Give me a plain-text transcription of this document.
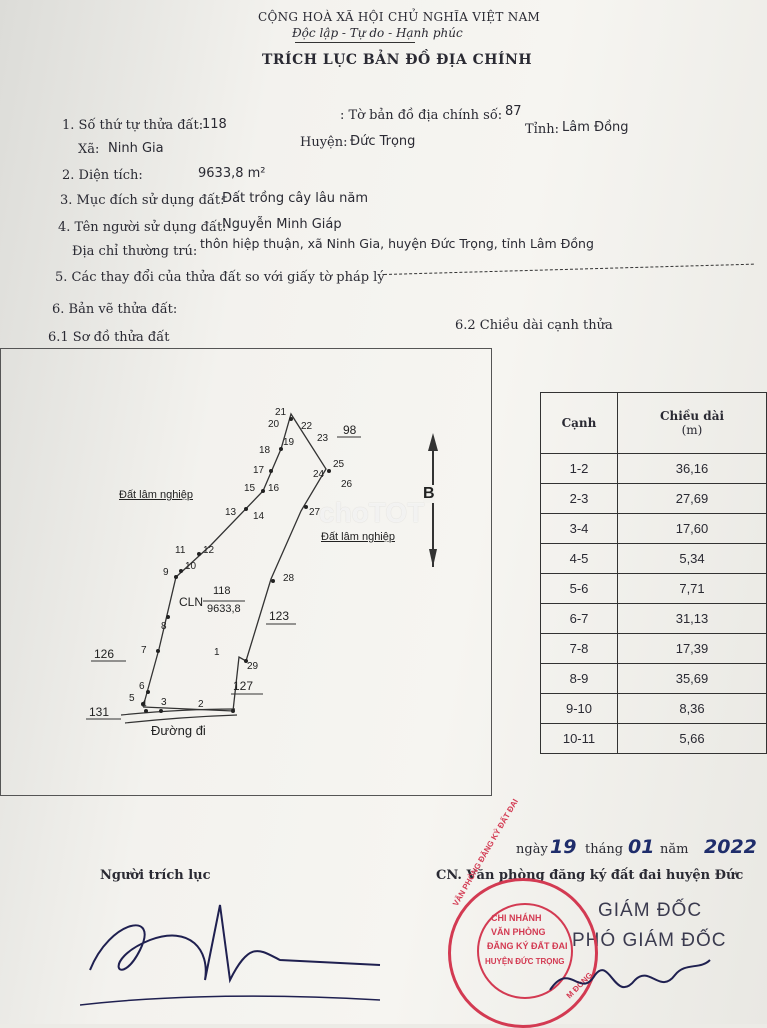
CỘNG HOÀ XÃ HỘI CHỦ NGHĨA VIỆT NAM
Độc lập - Tự do - Hạnh phúc
TRÍCH LỤC BẢN ĐỒ ĐỊA CHÍNH
1. Số thứ tự thửa đất:
118
: Tờ bản đồ địa chính số: 87
Xã: Ninh Gia	Huyện: Đức Trọng
Tỉnh: Lâm Đồng
2. Diện tích:	9633,8 m²
3. Mục đích sử dụng đất:
Đất trồng cây lâu năm
4. Tên người sử dụng đất:
Nguyễn Minh Giáp
Địa chỉ thường trú:
thôn hiệp thuận, xã Ninh Gia, huyện Đức Trọng, tỉnh Lâm Đồng
5. Các thay đổi của thửa đất so với giấy tờ pháp lý
6. Bản vẽ thửa đất:
6.1 Sơ đồ thửa đất
6.2 Chiều dài cạnh thửa
Đất lâm nghiệp
Đất lâm nghiệp
Đường đi
CLN
118
9633,8
98
123
126
127
131
B
choTOT
1
2
3
4
5
6
7
8
9
10
11 12
13 14
15 16
17
18
19
20
21
22
23
24
25
26
27
28
29
Cạnh	Chiều dài
(m)

1-2	36,16
2-3	27,69
3-4	17,60
4-5	5,34
5-6	7,71
6-7	31,13
7-8	17,39
8-9	35,69
9-10	8,36
10-11	5,66
ngày 19 tháng 01 năm 2022
Người trích lục	CN. Văn phòng đăng ký đất đai huyện Đức
GIÁM ĐỐC
PHÓ GIÁM ĐỐC
CHI NHÁNH
VĂN PHÒNG
ĐĂNG KÝ ĐẤT ĐAI
HUYỆN ĐỨC TRỌNG
VĂN PHÒNG ĐĂNG KÝ ĐẤT ĐAI
M ĐỒNG
